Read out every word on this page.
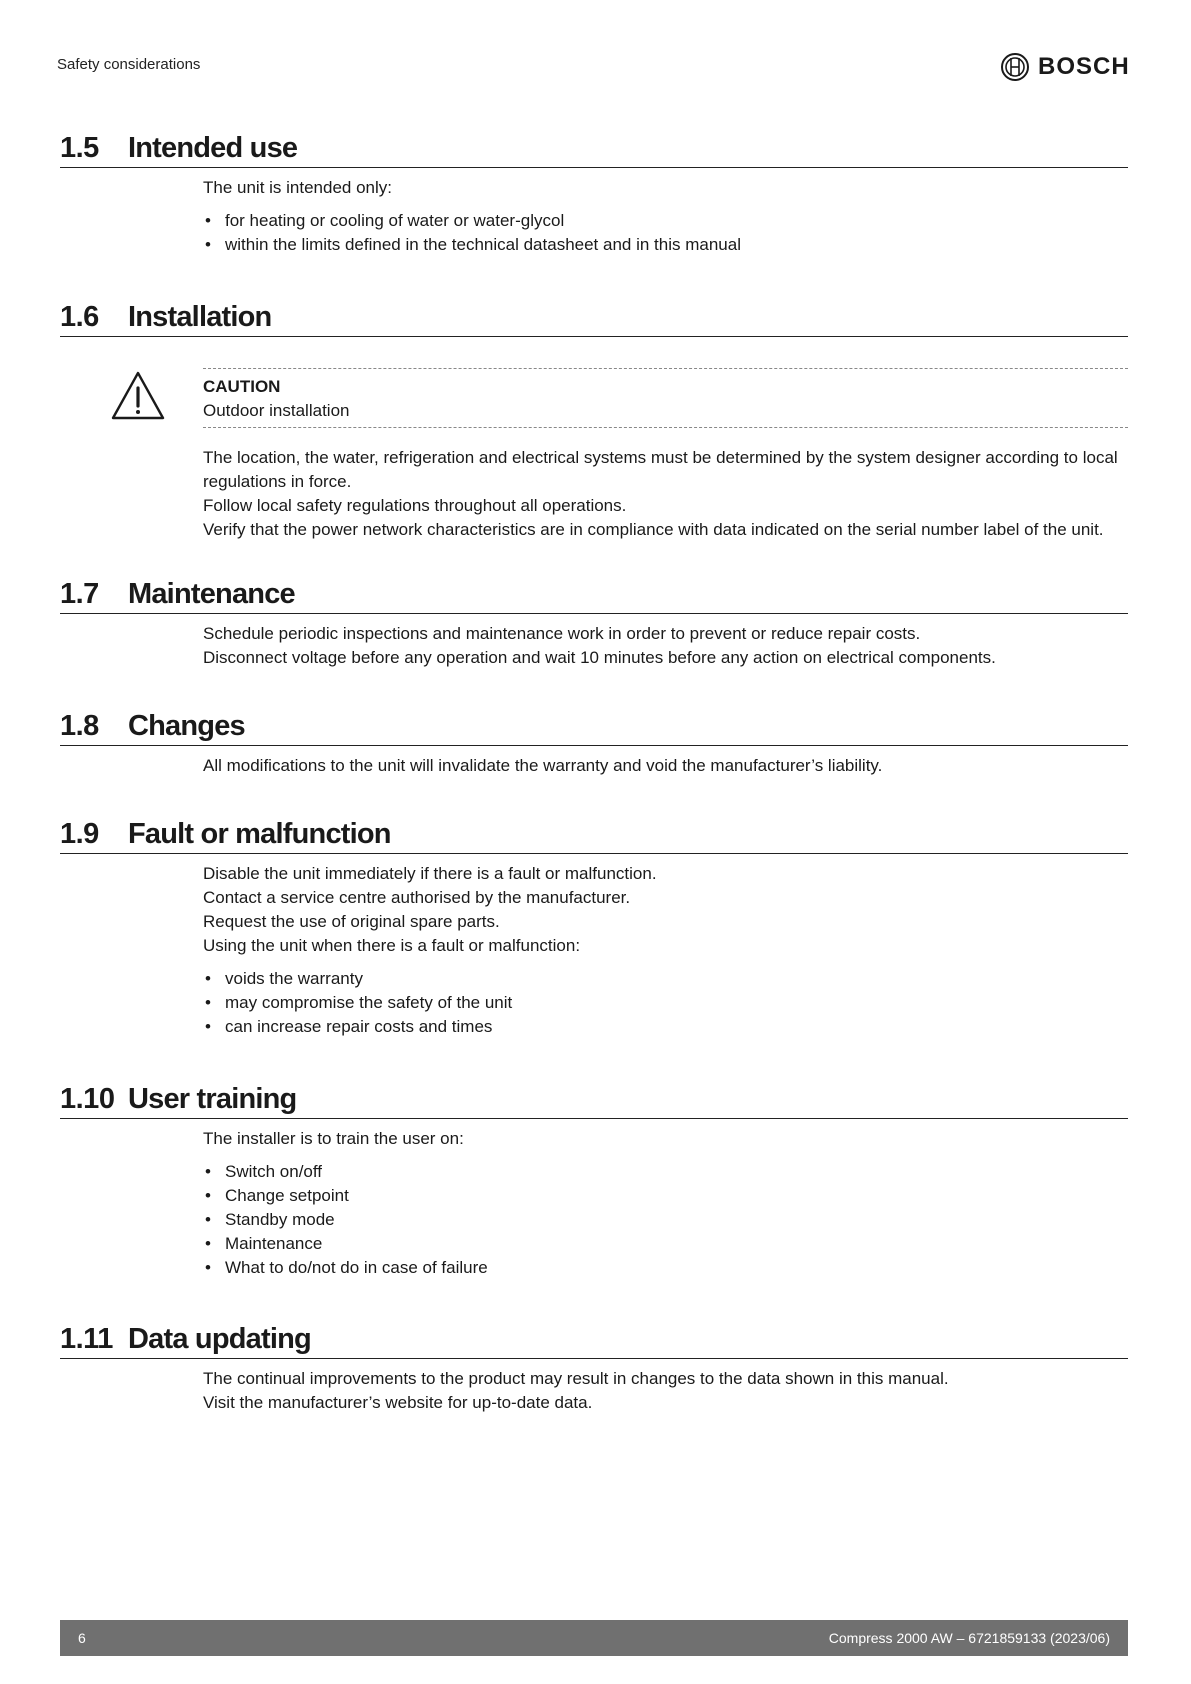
Safety considerations	BOSCH
1.5	Intended use

The unit is intended only:

• for heating or cooling of water or water-glycol
• within the limits defined in the technical datasheet and in this manual
1.6	Installation
CAUTION
Outdoor installation

The location, the water, refrigeration and electrical systems must be determined by the system designer according to local regulations in force.

Follow local safety regulations throughout all operations.

Verify that the power network characteristics are in compliance with data indicated on the serial number label of the unit.

1.7	Maintenance

Schedule periodic inspections and maintenance work in order to prevent or reduce repair costs.

Disconnect voltage before any operation and wait 10 minutes before any action on electrical components.

1.8	Changes

All modifications to the unit will invalidate the warranty and void the manufacturer’s liability.

1.9	Fault or malfunction

Disable the unit immediately if there is a fault or malfunction.

Contact a service centre authorised by the manufacturer.

Request the use of original spare parts.

Using the unit when there is a fault or malfunction:

• voids the warranty
• may compromise the safety of the unit
• can increase repair costs and times
1.10 User training

The installer is to train the user on:

• Switch on/off
• Change setpoint
• Standby mode
• Maintenance
• What to do/not do in case of failure
1.11 Data updating

The continual improvements to the product may result in changes to the data shown in this manual.

Visit the manufacturer’s website for up-to-date data.

6	Compress 2000 AW – 6721859133 (2023/06)
